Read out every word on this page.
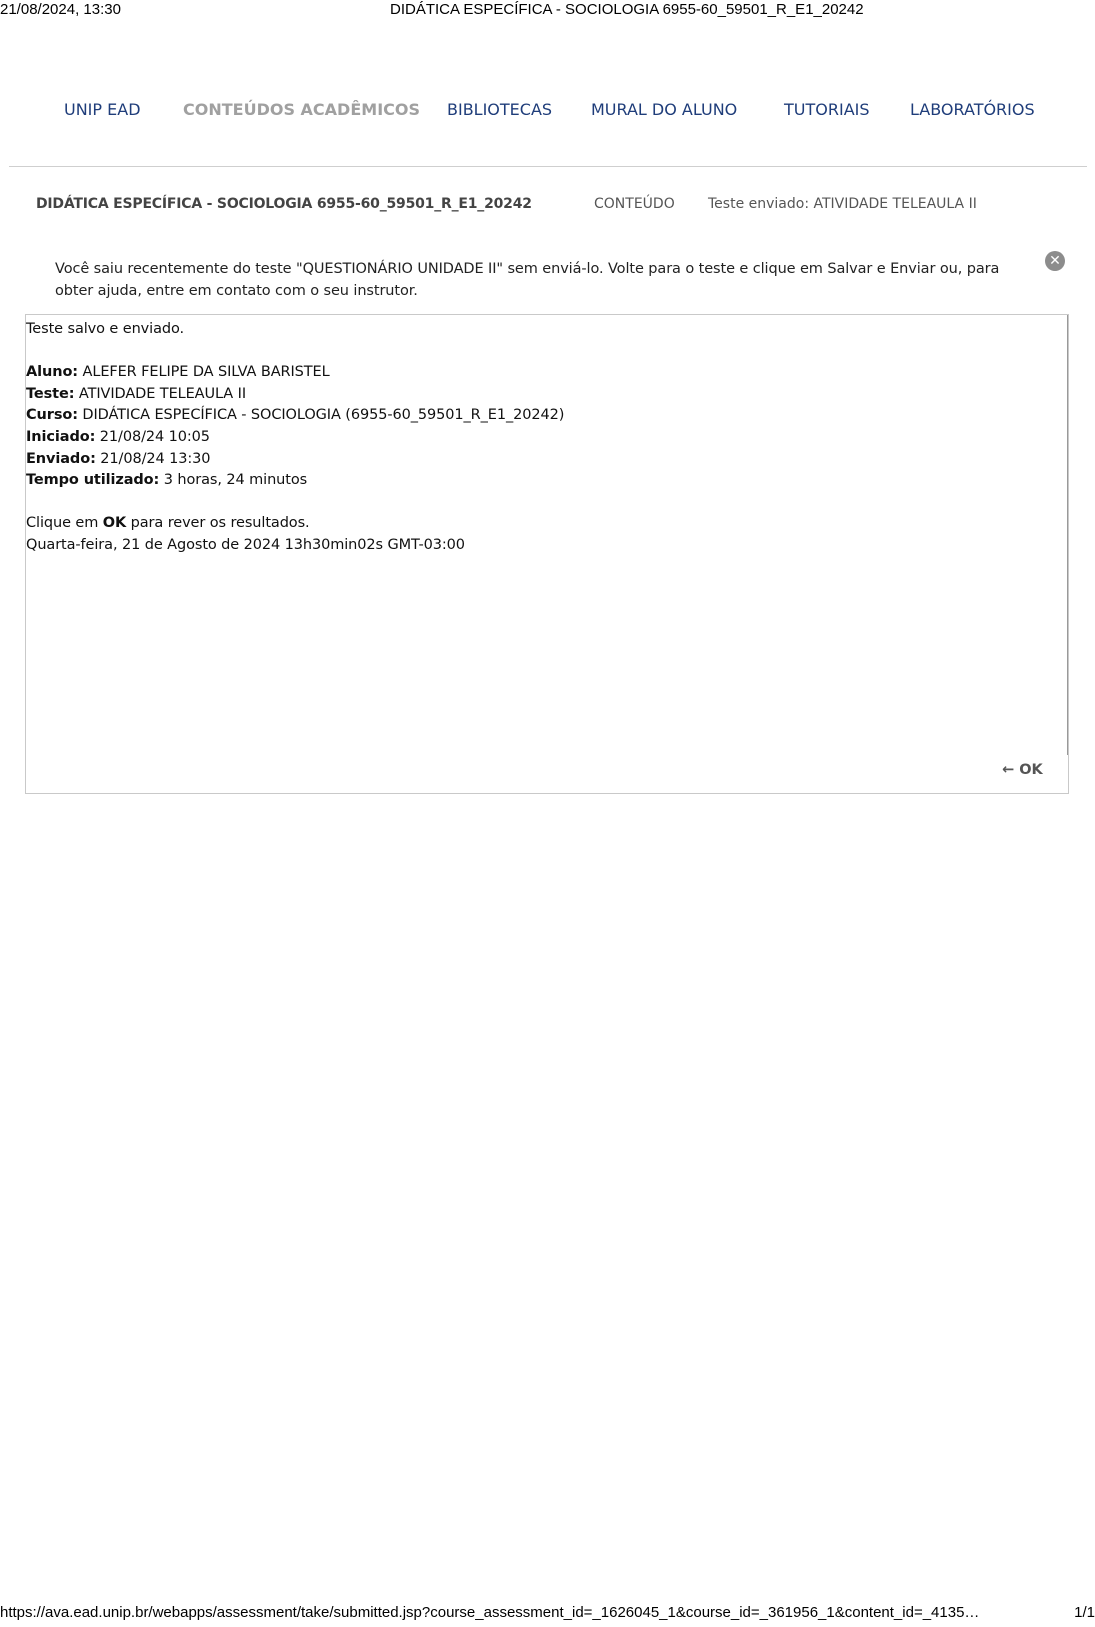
21/08/2024, 13:30	DIDÁTICA ESPECÍFICA - SOCIOLOGIA 6955-60_59501_R_E1_20242
UNIP EAD	CONTEÚDOS ACADÊMICOS BIBLIOTECAS MURAL DO ALUNO	TUTORIAIS	LABORATÓRIOS
DIDÁTICA ESPECÍFICA - SOCIOLOGIA 6955-60_59501_R_E1_20242	CONTEÚDO Teste enviado: ATIVIDADE TELEAULA II
Você saiu recentemente do teste "QUESTIONÁRIO UNIDADE II" sem enviá-lo. Volte para o teste e clique em Salvar e Enviar ou, para obter ajuda, entre em contato com o seu instrutor.
✕
Teste salvo e enviado.
Aluno: ALEFER FELIPE DA SILVA BARISTEL
Teste: ATIVIDADE TELEAULA II
Curso: DIDÁTICA ESPECÍFICA - SOCIOLOGIA (6955-60_59501_R_E1_20242)
Iniciado: 21/08/24 10:05
Enviado: 21/08/24 13:30
Tempo utilizado: 3 horas, 24 minutos
Clique em OK para rever os resultados.
Quarta-feira, 21 de Agosto de 2024 13h30min02s GMT-03:00
← OK
https://ava.ead.unip.br/webapps/assessment/take/submitted.jsp?course_assessment_id=_1626045_1&course_id=_361956_1&content_id=_4135…	1/1
